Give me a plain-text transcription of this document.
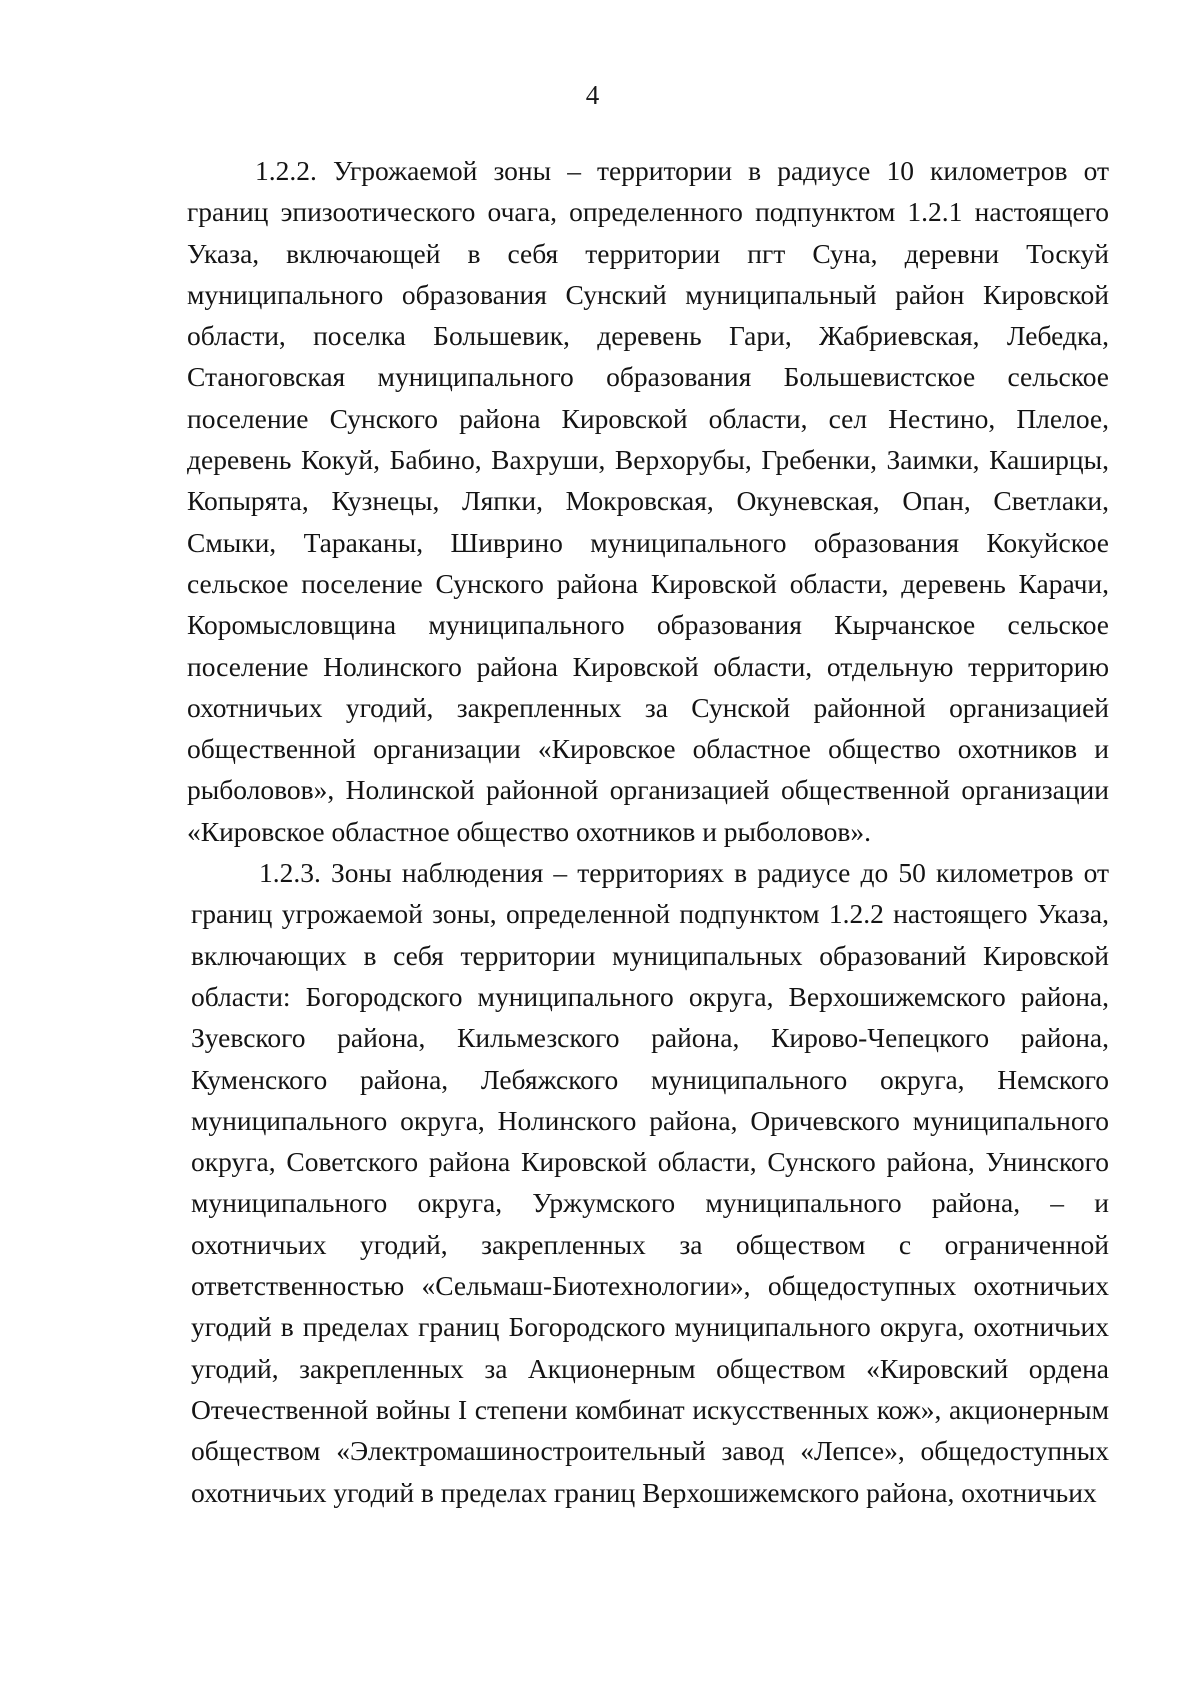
4

1.2.2. Угрожаемой зоны – территории в радиусе 10 километров от границ эпизоотического очага, определенного подпунктом 1.2.1 настоящего Указа, включающей в себя территории пгт Суна, деревни Тоскуй муниципального образования Сунский муниципальный район Кировской области, поселка Большевик, деревень Гари, Жабриевская, Лебедка, Станоговская муниципального образования Большевистское сельское поселение Сунского района Кировской области, сел Нестино, Плелое, деревень Кокуй, Бабино, Вахруши, Верхорубы, Гребенки, Заимки, Каширцы, Копырята, Кузнецы, Ляпки, Мокровская, Окуневская, Опан, Светлаки, Смыки, Тараканы, Шиврино муниципального образования Кокуйское сельское поселение Сунского района Кировской области, деревень Карачи, Коромысловщина муниципального образования Кырчанское сельское поселение Нолинского района Кировской области, отдельную территорию охотничьих угодий, закрепленных за Сунской районной организацией общественной организации «Кировское областное общество охотников и рыболовов», Нолинской районной организацией общественной организации «Кировское областное общество охотников и рыболовов».

1.2.3. Зоны наблюдения – территориях в радиусе до 50 километров от границ угрожаемой зоны, определенной подпунктом 1.2.2 настоящего Указа, включающих в себя территории муниципальных образований Кировской области: Богородского муниципального округа, Верхошижемского района, Зуевского района, Кильмезского района, Кирово-Чепецкого района, Куменского района, Лебяжского муниципального округа, Немского муниципального округа, Нолинского района, Оричевского муниципального округа, Советского района Кировской области, Сунского района, Унинского муниципального округа, Уржумского муниципального района, – и охотничьих угодий, закрепленных за обществом с ограниченной ответственностью «Сельмаш-Биотехнологии», общедоступных охотничьих угодий в пределах границ Богородского муниципального округа, охотничьих угодий, закрепленных за Акционерным обществом «Кировский ордена Отечественной войны I степени комбинат искусственных кож», акционерным обществом «Электромашиностроительный завод «Лепсе», общедоступных охотничьих угодий в пределах границ Верхошижемского района, охотничьих
